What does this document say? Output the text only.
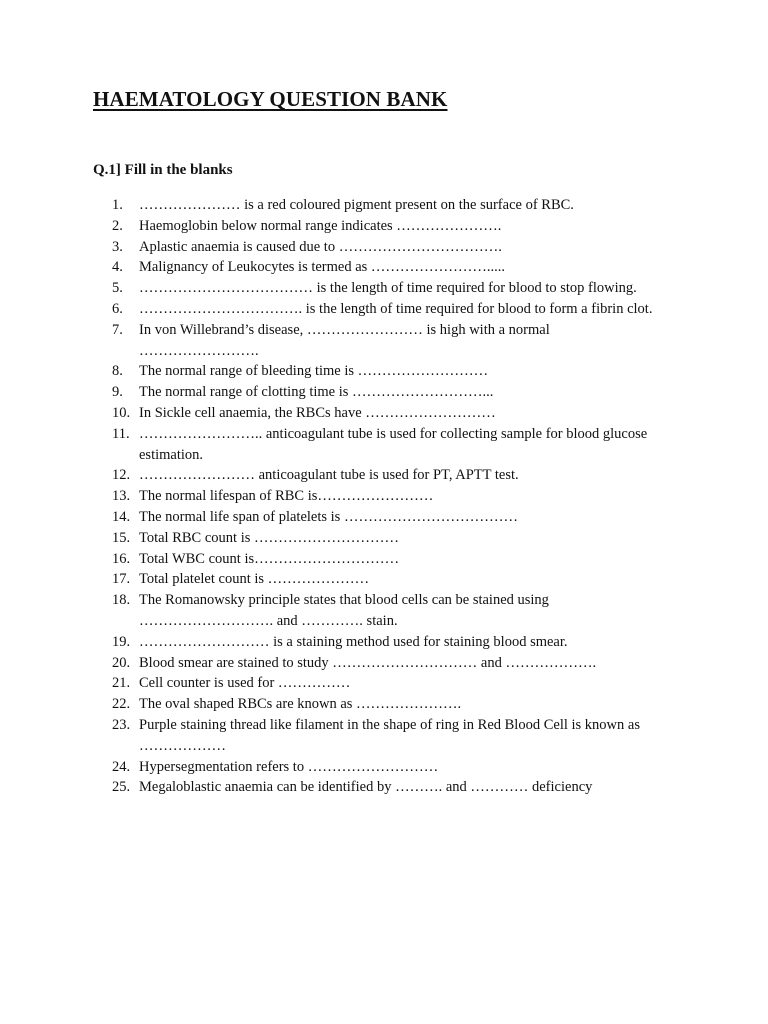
HAEMATOLOGY QUESTION BANK
Q.1] Fill in the blanks
1.	………………… is a red coloured pigment present on the surface of RBC.
2.	Haemoglobin below normal range indicates ………………….
3.	Aplastic anaemia is caused due to …………………………….
4.	Malignancy of Leukocytes is termed as …………………….....
5.	……………………………… is the length of time required for blood to stop flowing.
6.	……………………………. is the length of time required for blood to form a fibrin clot.
7.	In von Willebrand’s disease, …………………… is high with a normal …………………….
8.	The normal range of bleeding time is ………………………
9.	The normal range of clotting time is ………………………...
10. In Sickle cell anaemia, the RBCs have ………………………
11. …………………….. anticoagulant tube is used for collecting sample for blood glucose estimation.
12. …………………… anticoagulant tube is used for PT, APTT test.
13. The normal lifespan of RBC is……………………
14. The normal life span of platelets is ………………………………
15. Total RBC count is …………………………
16. Total WBC count is…………………………
17. Total platelet count is …………………
18. The Romanowsky principle states that blood cells can be stained using ………………………. and …………. stain.
19. ……………………… is a staining method used for staining blood smear.
20. Blood smear are stained to study ………………………… and ……………….
21. Cell counter is used for ……………
22. The oval shaped RBCs are known as ………………….
23. Purple staining thread like filament in the shape of ring in Red Blood Cell is known as ………………
24. Hypersegmentation refers to ………………………
25. Megaloblastic anaemia can be identified by ………. and ………… deficiency
